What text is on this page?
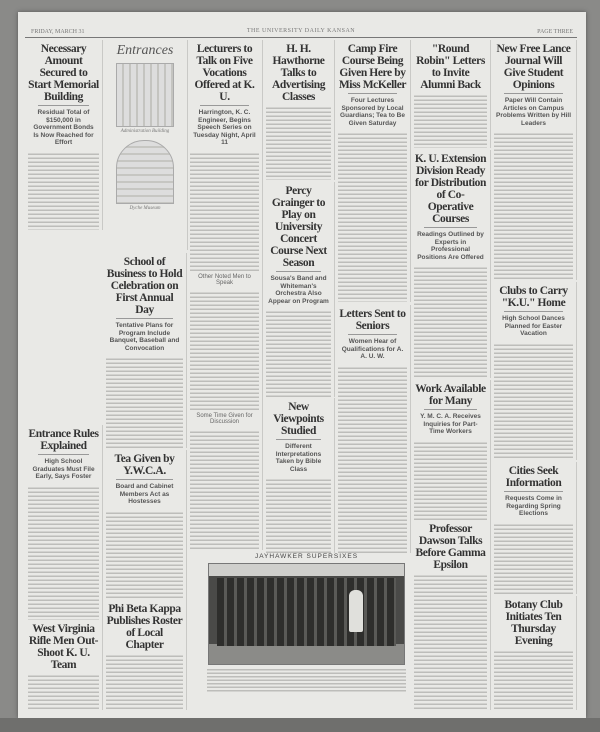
FRIDAY, MARCH 31	THE UNIVERSITY DAILY KANSAN	PAGE THREE
Entrances
Administration Building
Dyche Museum
JAYHAWKER SUPERSIXES
Necessary Amount Secured to Start Memorial Building
Residual Total of $150,000 in Government Bonds Is Now Reached for Effort
Entrance Rules Explained
High School Graduates Must File Early, Says Foster
West Virginia Rifle Men Out-Shoot K. U. Team
School of Business to Hold Celebration on First Annual Day
Tentative Plans for Program Include Banquet, Baseball and Convocation
Tea Given by Y.W.C.A.
Board and Cabinet Members Act as Hostesses
Phi Beta Kappa Publishes Roster of Local Chapter
Lecturers to Talk on Five Vocations Offered at K. U.
Harrington, K. C. Engineer, Begins Speech Series on Tuesday Night, April 11
Other Noted Men to Speak
Some Time Given for Discussion
H. H. Hawthorne Talks to Advertising Classes
Percy Grainger to Play on University Concert Course Next Season
Sousa's Band and Whiteman's Orchestra Also Appear on Program
New Viewpoints Studied
Different Interpretations Taken by Bible Class
Camp Fire Course Being Given Here by Miss McKeller
Four Lectures Sponsored by Local Guardians; Tea to Be Given Saturday
Letters Sent to Seniors
Women Hear of Qualifications for A. A. U. W.
"Round Robin" Letters to Invite Alumni Back
K. U. Extension Division Ready for Distribution of Co-Operative Courses
Readings Outlined by Experts in Professional Positions Are Offered
Work Available for Many
Y. M. C. A. Receives Inquiries for Part-Time Workers
Professor Dawson Talks Before Gamma Epsilon
New Free Lance Journal Will Give Student Opinions
Paper Will Contain Articles on Campus Problems Written by Hill Leaders
Clubs to Carry "K.U." Home
High School Dances Planned for Easter Vacation
Cities Seek Information
Requests Come in Regarding Spring Elections
Botany Club Initiates Ten Thursday Evening
